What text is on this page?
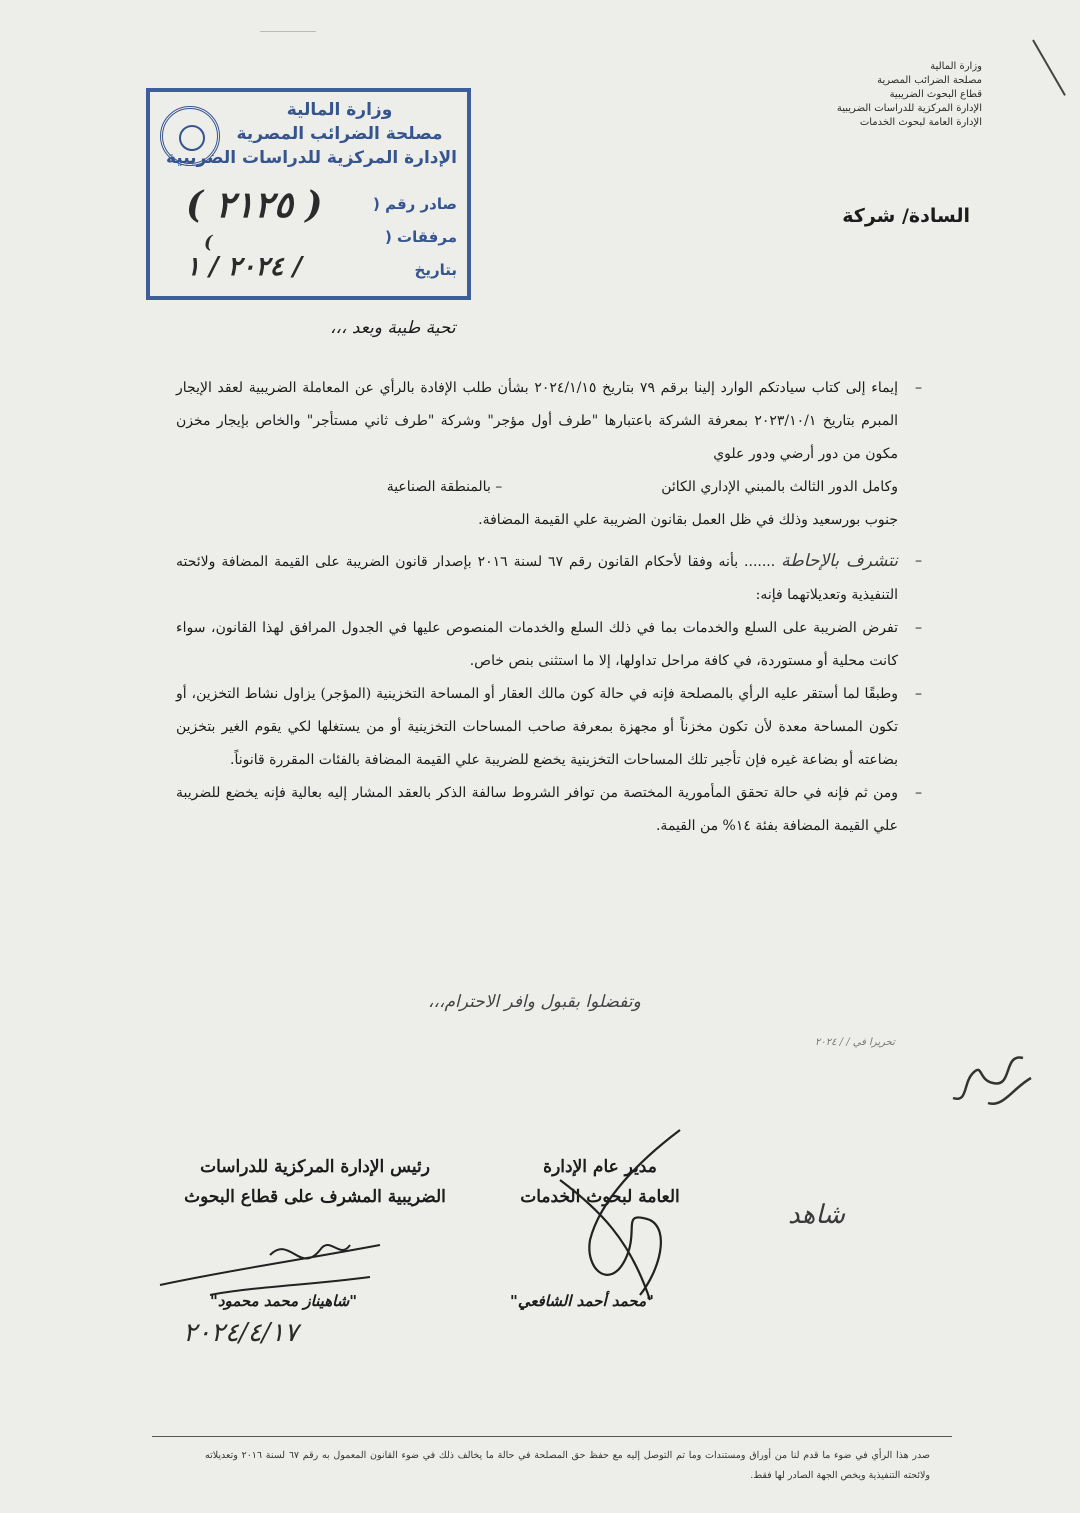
وزارة المالية
مصلحة الضرائب المصرية
قطاع البحوث الضريبية
الإدارة المركزية للدراسات الضريبية
الإدارة العامة لبحوث الخدمات
وزارة المالية
مصلحة الضرائب المصرية
الإدارة المركزية للدراسات الضريبية
صادر رقم (
مرفقات (
بتاريخ
( ٢١٢٥ )
(
٢٠٢٤ / ١ /
السادة/ شركة
تحية طيبة وبعد ،،،

–
إيماء إلى كتاب سيادتكم الوارد إلينا برقم ٧٩ بتاريخ ٢٠٢٤/١/١٥ بشأن طلب الإفادة بالرأي عن المعاملة الضريبية لعقد الإيجار المبرم بتاريخ ٢٠٢٣/١٠/١ بمعرفة الشركة باعتبارها "طرف أول مؤجر" وشركة "طرف ثاني مستأجر" والخاص بإيجار مخزن مكون من دور أرضي ودور علوي
وكامل الدور الثالث بالمبني الإداري الكائن  – بالمنطقة الصناعية
جنوب بورسعيد وذلك في ظل العمل بقانون الضريبة علي القيمة المضافة.

–
نتشرف بالإحاطة ....... بأنه وفقا لأحكام القانون رقم ٦٧ لسنة ٢٠١٦ بإصدار قانون الضريبة على القيمة المضافة ولائحته التنفيذية وتعديلاتهما فإنه:

–
تفرض الضريبة على السلع والخدمات بما في ذلك السلع والخدمات المنصوص عليها في الجدول المرافق لهذا القانون، سواء كانت محلية أو مستوردة، في كافة مراحل تداولها، إلا ما استثنى بنص خاص.

–
وطبقًا لما أستقر عليه الرأي بالمصلحة فإنه في حالة كون مالك العقار أو المساحة التخزينية (المؤجر) يزاول نشاط التخزين، أو تكون المساحة معدة لأن تكون مخزناً أو مجهزة بمعرفة صاحب المساحات التخزينية أو من يستغلها لكي يقوم الغير بتخزين بضاعته أو بضاعة غيره فإن تأجير تلك المساحات التخزينية يخضع للضريبة علي القيمة المضافة بالفئات المقررة قانوناً.

–
ومن ثم فإنه في حالة تحقق المأمورية المختصة من توافر الشروط سالفة الذكر بالعقد المشار إليه بعالية فإنه يخضع للضريبة علي القيمة المضافة بفئة ١٤% من القيمة.

وتفضلوا بقبول وافر الاحترام،،،
تحريرا في / / ٢٠٢٤
رئيس الإدارة المركزية للدراسات
الضريبية المشرف على قطاع البحوث
مدير عام الإدارة
العامة لبحوث الخدمات
"شاهيناز محمد محمود"	"محمد أحمد الشافعي"
شاهد
٢٠٢٤/٤/١٧
صدر هذا الرأي في ضوء ما قدم لنا من أوراق ومستندات وما تم التوصل إليه مع حفظ حق المصلحة في حالة ما يخالف ذلك في ضوء القانون المعمول به رقم ٦٧ لسنة ٢٠١٦ وتعديلاته ولائحته التنفيذية ويخص الجهة الصادر لها فقط.
